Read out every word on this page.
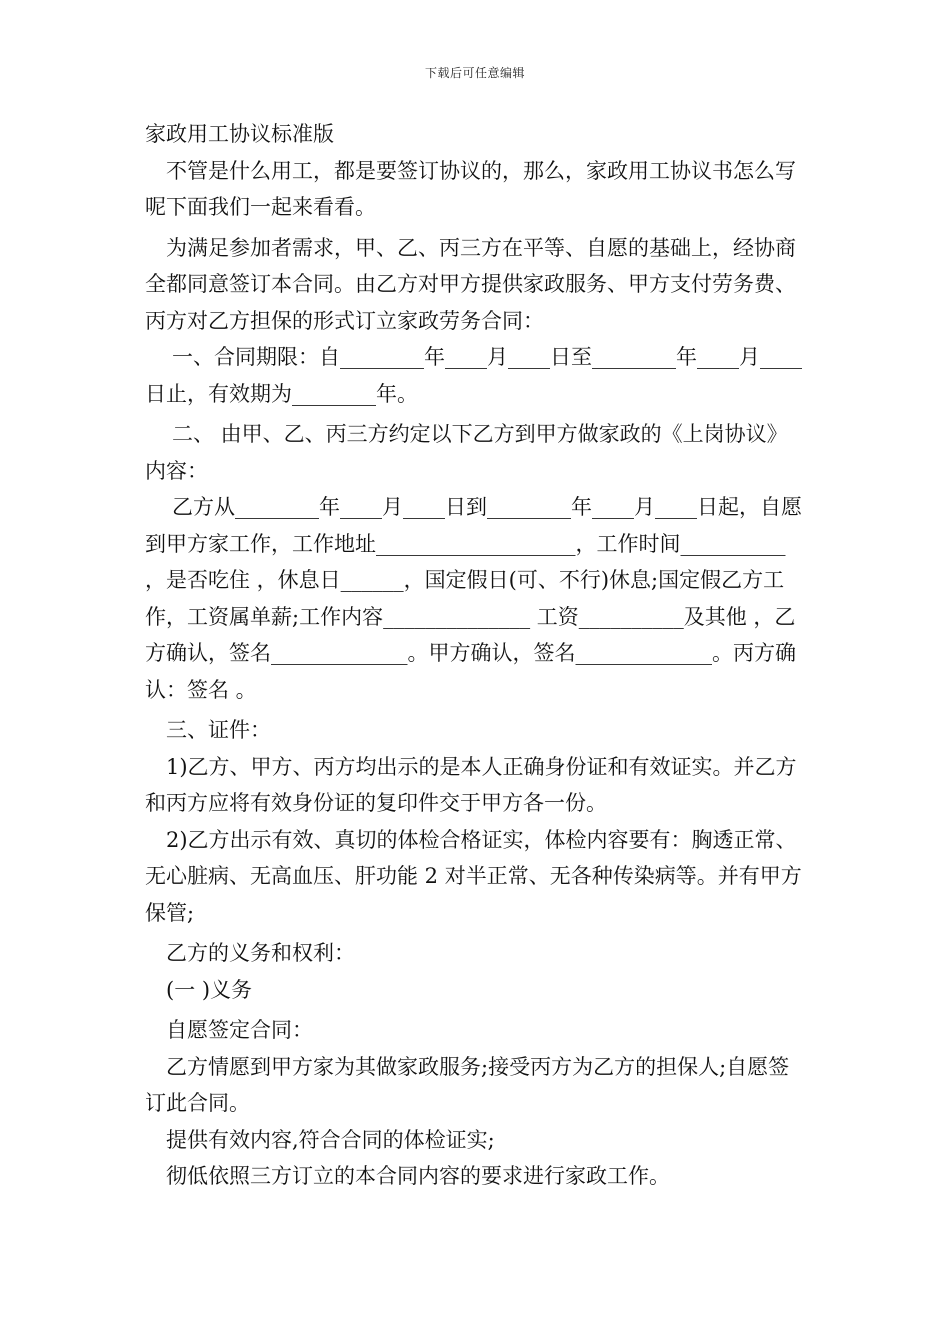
下载后可任意编辑

家政用工协议标准版

不管是什么用工，都是要签订协议的，那么，家政用工协议书怎么写呢下面我们一起来看看。

为满足参加者需求，甲、乙、丙三方在平等、自愿的基础上，经协商全都同意签订本合同。由乙方对甲方提供家政服务、甲方支付劳务费、丙方对乙方担保的形式订立家政劳务合同：

一、合同期限：自________年____月____日至________年____月____日止，有效期为________年。

二、 由甲、乙、丙三方约定以下乙方到甲方做家政的《上岗协议》内容：

乙方从________年____月____日到________年____月____日起，自愿到甲方家工作，工作地址___________________，工作时间__________ ，是否吃住 ，休息日______，国定假日(可、不行)休息;国定假乙方工作，工资属单薪;工作内容______________ 工资__________及其他 ，乙方确认，签名_____________。甲方确认，签名_____________。丙方确认：签名 。

三、证件：

1)乙方、甲方、丙方均出示的是本人正确身份证和有效证实。并乙方和丙方应将有效身份证的复印件交于甲方各一份。

2)乙方出示有效、真切的体检合格证实，体检内容要有：胸透正常、无心脏病、无高血压、肝功能 2 对半正常、无各种传染病等。并有甲方保管;

乙方的义务和权利：

(一 )义务

自愿签定合同：

乙方情愿到甲方家为其做家政服务;接受丙方为乙方的担保人;自愿签订此合同。

提供有效内容,符合合同的体检证实;

彻低依照三方订立的本合同内容的要求进行家政工作。
